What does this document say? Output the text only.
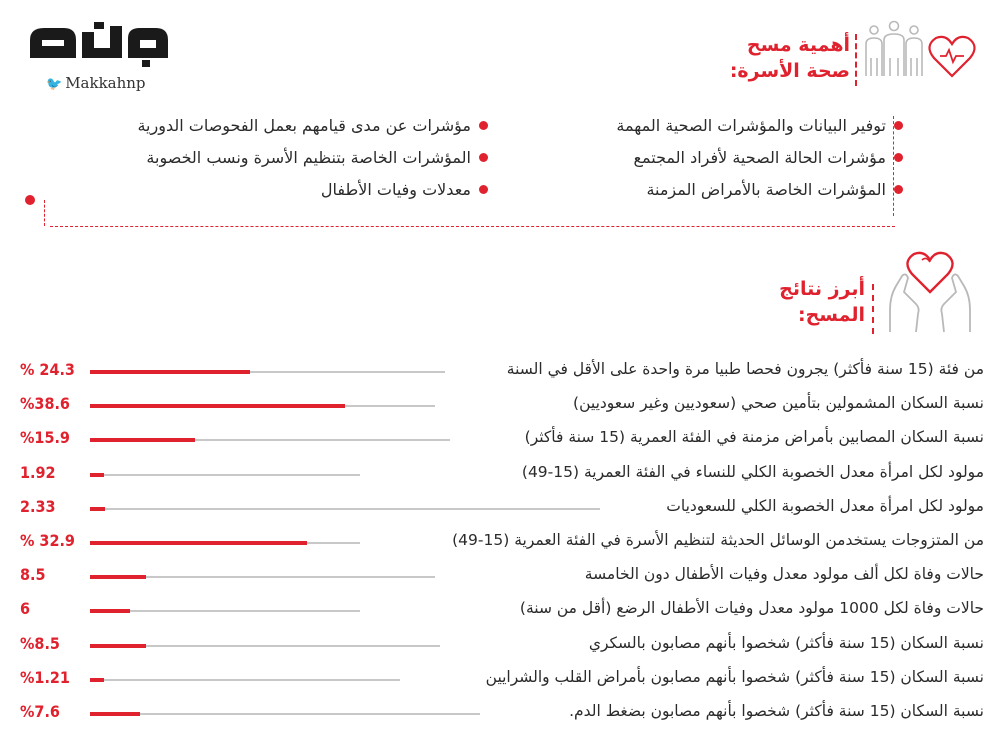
🐦 Makkahnp
أهمية مسح
صحة الأسرة:
توفير البيانات والمؤشرات الصحية المهمة
مؤشرات الحالة الصحية لأفراد المجتمع
المؤشرات الخاصة بالأمراض المزمنة
مؤشرات عن مدى قيامهم بعمل الفحوصات الدورية
المؤشرات الخاصة بتنظيم الأسرة ونسب الخصوبة
معدلات وفيات الأطفال
أبرز نتائج
المسح:
% 24.3	من فئة (15 سنة فأكثر) يجرون فحصا طبيا مرة واحدة على الأقل في السنة
%38.6	نسبة السكان المشمولين بتأمين صحي (سعوديين وغير سعوديين)
%15.9	نسبة السكان المصابين بأمراض مزمنة في الفئة العمرية (15 سنة فأكثر)
1.92	مولود لكل امرأة معدل الخصوبة الكلي للنساء في الفئة العمرية (15-49)
2.33	مولود لكل امرأة معدل الخصوبة الكلي للسعوديات
% 32.9	من المتزوجات يستخدمن الوسائل الحديثة لتنظيم الأسرة في الفئة العمرية (15-49)
8.5	حالات وفاة لكل ألف مولود معدل وفيات الأطفال دون الخامسة
6	حالات وفاة لكل 1000 مولود معدل وفيات الأطفال الرضع (أقل من سنة)
%8.5	نسبة السكان (15 سنة فأكثر) شخصوا بأنهم مصابون بالسكري
%1.21	نسبة السكان (15 سنة فأكثر) شخصوا بأنهم مصابون بأمراض القلب والشرايين
%7.6	نسبة السكان (15 سنة فأكثر) شخصوا بأنهم مصابون بضغط الدم.
